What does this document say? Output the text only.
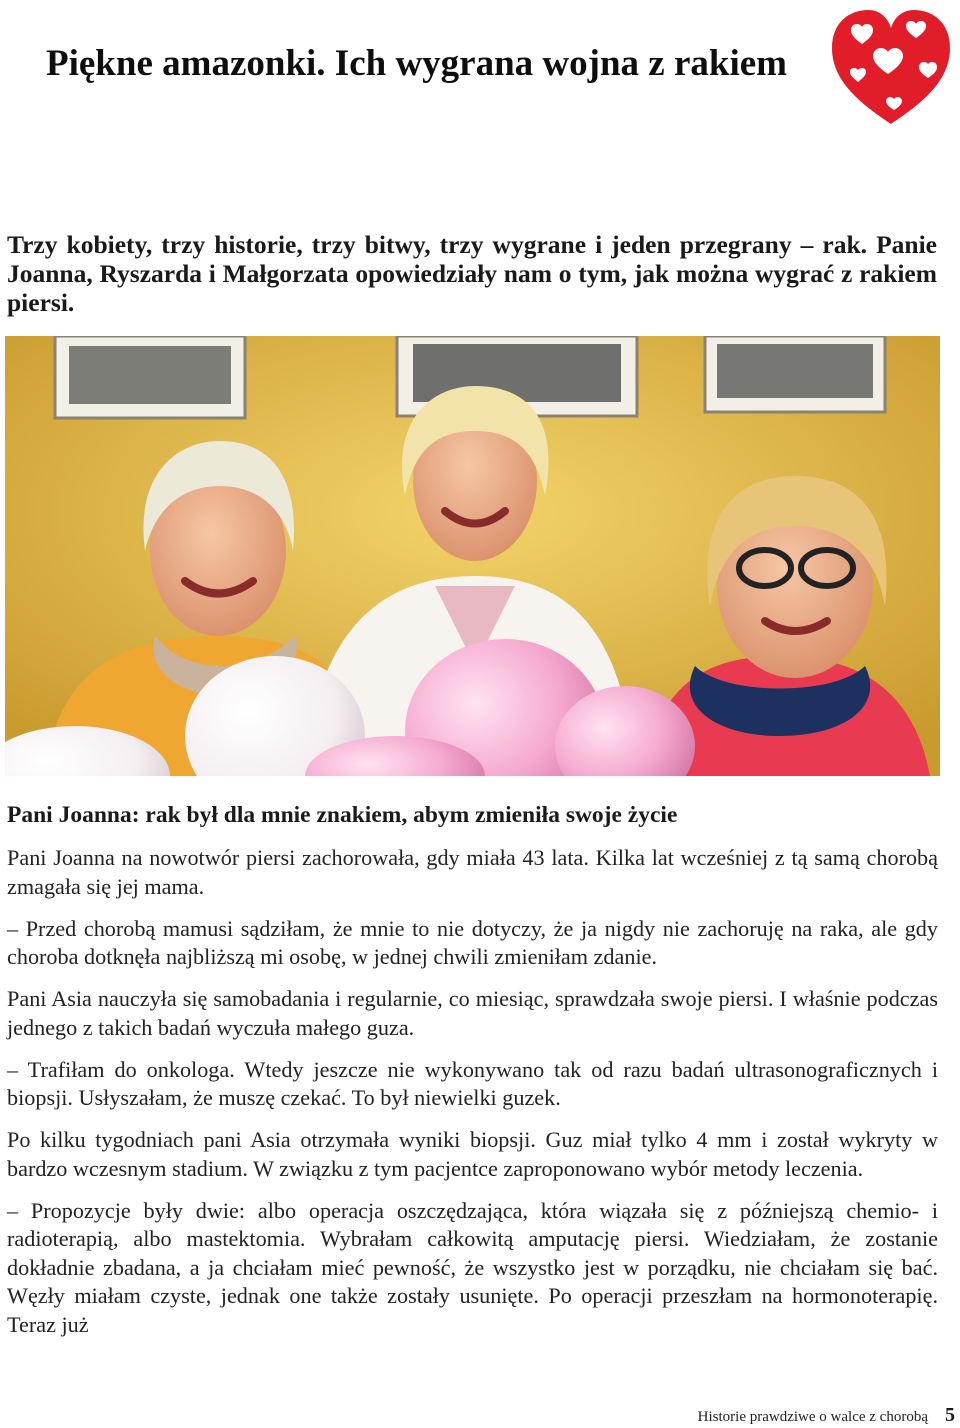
Piękne amazonki. Ich wygrana wojna z rakiem

Trzy kobiety, trzy historie, trzy bitwy, trzy wygrane i jeden przegrany – rak. Panie Joanna, Ryszarda i Małgorzata opowiedziały nam o tym, jak można wygrać z rakiem piersi.

Pani Joanna: rak był dla mnie znakiem, abym zmieniła swoje życie

Pani Joanna na nowotwór piersi zachorowała, gdy miała 43 lata. Kilka lat wcześniej z tą samą chorobą zmagała się jej mama.

– Przed chorobą mamusi sądziłam, że mnie to nie dotyczy, że ja nigdy nie zachoruję na raka, ale gdy choroba dotknęła najbliższą mi osobę, w jednej chwili zmieniłam zdanie.

Pani Asia nauczyła się samobadania i regularnie, co miesiąc, sprawdzała swoje piersi. I właśnie podczas jednego z takich badań wyczuła małego guza.

– Trafiłam do onkologa. Wtedy jeszcze nie wykonywano tak od razu badań ultrasonograficznych i biopsji. Usłyszałam, że muszę czekać. To był niewielki guzek.

Po kilku tygodniach pani Asia otrzymała wyniki biopsji. Guz miał tylko 4 mm i został wykryty w bardzo wczesnym stadium. W związku z tym pacjentce zaproponowano wybór metody leczenia.

– Propozycje były dwie: albo operacja oszczędzająca, która wiązała się z późniejszą chemio- i radioterapią, albo mastektomia. Wybrałam całkowitą amputację piersi. Wiedziałam, że zostanie dokładnie zbadana, a ja chciałam mieć pewność, że wszystko jest w porządku, nie chciałam się bać. Węzły miałam czyste, jednak one także zostały usunięte. Po operacji przeszłam na hormonoterapię. Teraz już

Historie prawdziwe o walce z chorobą 5
